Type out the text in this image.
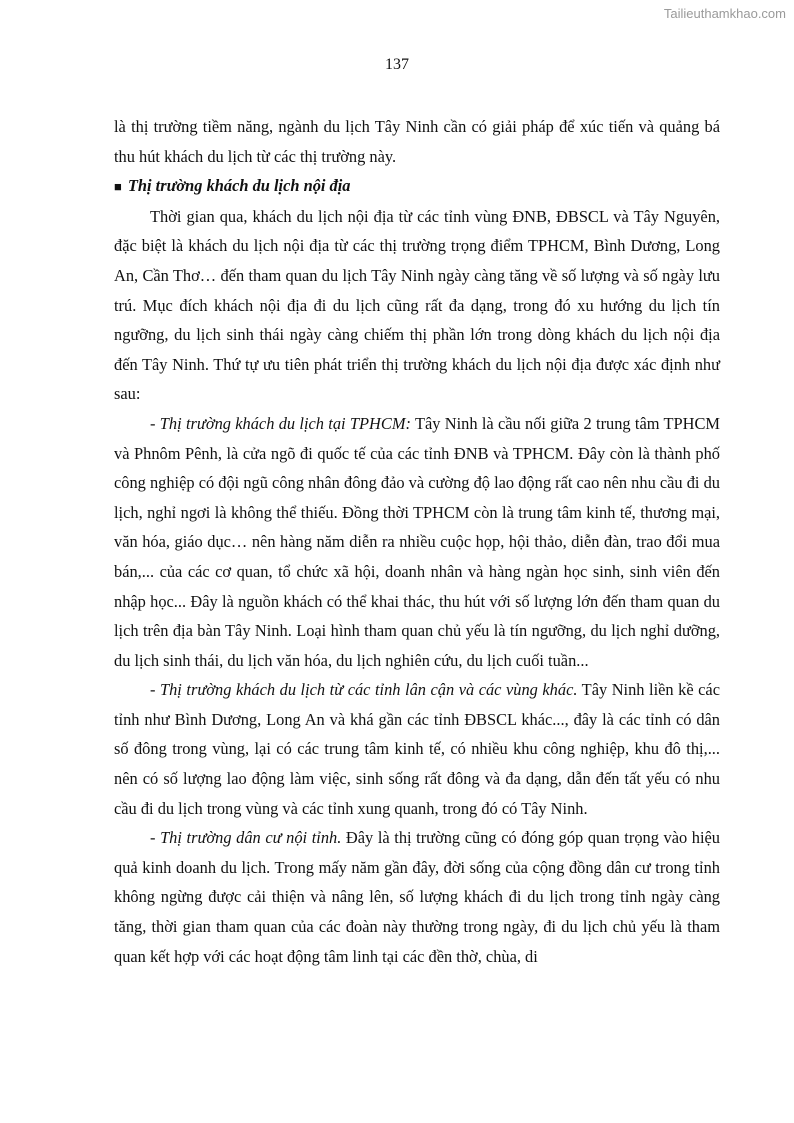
Tailieuthamkhao.com
137

là thị trường tiềm năng, ngành du lịch Tây Ninh cần có giải pháp để xúc tiến và quảng bá thu hút khách du lịch từ các thị trường này.

■ Thị trường khách du lịch nội địa

Thời gian qua, khách du lịch nội địa từ các tỉnh vùng ĐNB, ĐBSCL và Tây Nguyên, đặc biệt là khách du lịch nội địa từ các thị trường trọng điểm TPHCM, Bình Dương, Long An, Cần Thơ… đến tham quan du lịch Tây Ninh ngày càng tăng về số lượng và số ngày lưu trú. Mục đích khách nội địa đi du lịch cũng rất đa dạng, trong đó xu hướng du lịch tín ngưỡng, du lịch sinh thái ngày càng chiếm thị phần lớn trong dòng khách du lịch nội địa đến Tây Ninh. Thứ tự ưu tiên phát triển thị trường khách du lịch nội địa được xác định như sau:

- Thị trường khách du lịch tại TPHCM: Tây Ninh là cầu nối giữa 2 trung tâm TPHCM và Phnôm Pênh, là cửa ngõ đi quốc tế của các tỉnh ĐNB và TPHCM. Đây còn là thành phố công nghiệp có đội ngũ công nhân đông đảo và cường độ lao động rất cao nên nhu cầu đi du lịch, nghỉ ngơi là không thể thiếu. Đồng thời TPHCM còn là trung tâm kinh tế, thương mại, văn hóa, giáo dục… nên hàng năm diễn ra nhiều cuộc họp, hội thảo, diễn đàn, trao đổi mua bán,... của các cơ quan, tổ chức xã hội, doanh nhân và hàng ngàn học sinh, sinh viên đến nhập học... Đây là nguồn khách có thể khai thác, thu hút với số lượng lớn đến tham quan du lịch trên địa bàn Tây Ninh. Loại hình tham quan chủ yếu là tín ngưỡng, du lịch nghỉ dưỡng, du lịch sinh thái, du lịch văn hóa, du lịch nghiên cứu, du lịch cuối tuần...

- Thị trường khách du lịch từ các tỉnh lân cận và các vùng khác. Tây Ninh liền kề các tỉnh như Bình Dương, Long An và khá gần các tỉnh ĐBSCL khác..., đây là các tỉnh có dân số đông trong vùng, lại có các trung tâm kinh tế, có nhiều khu công nghiệp, khu đô thị,... nên có số lượng lao động làm việc, sinh sống rất đông và đa dạng, dẫn đến tất yếu có nhu cầu đi du lịch trong vùng và các tỉnh xung quanh, trong đó có Tây Ninh.

- Thị trường dân cư nội tỉnh. Đây là thị trường cũng có đóng góp quan trọng vào hiệu quả kinh doanh du lịch. Trong mấy năm gần đây, đời sống của cộng đồng dân cư trong tỉnh không ngừng được cải thiện và nâng lên, số lượng khách đi du lịch trong tỉnh ngày càng tăng, thời gian tham quan của các đoàn này thường trong ngày, đi du lịch chủ yếu là tham quan kết hợp với các hoạt động tâm linh tại các đền thờ, chùa, di
